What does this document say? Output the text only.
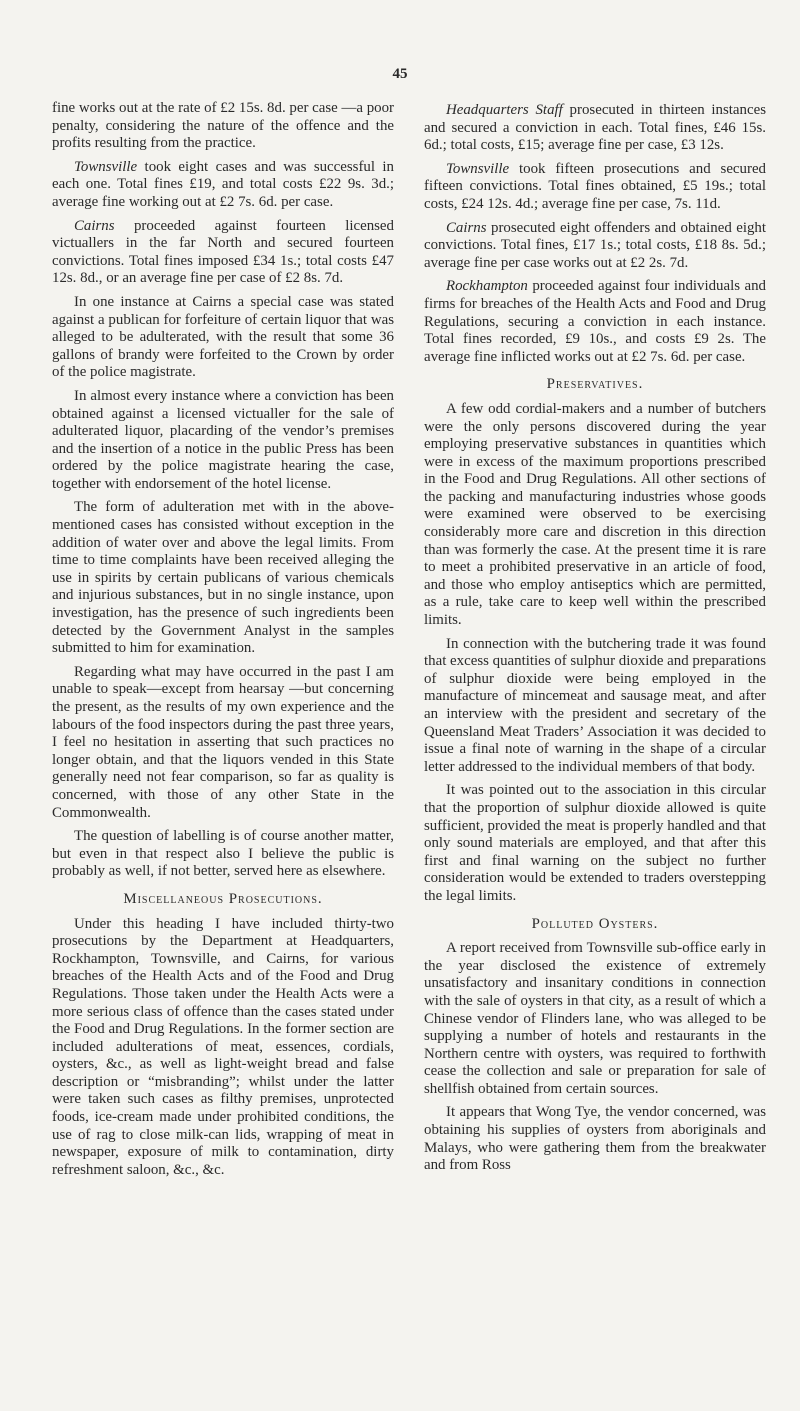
45

fine works out at the rate of £2 15s. 8d. per case —a poor penalty, considering the nature of the offence and the profits resulting from the practice.

Townsville took eight cases and was successful in each one. Total fines £19, and total costs £22 9s. 3d.; average fine working out at £2 7s. 6d. per case.

Cairns proceeded against fourteen licensed victuallers in the far North and secured fourteen convictions. Total fines imposed £34 1s.; total costs £47 12s. 8d., or an average fine per case of £2 8s. 7d.

In one instance at Cairns a special case was stated against a publican for forfeiture of certain liquor that was alleged to be adulterated, with the result that some 36 gallons of brandy were forfeited to the Crown by order of the police magistrate.

In almost every instance where a conviction has been obtained against a licensed victualler for the sale of adulterated liquor, placarding of the vendor’s premises and the insertion of a notice in the public Press has been ordered by the police magistrate hearing the case, together with endorsement of the hotel license.

The form of adulteration met with in the above-mentioned cases has consisted without exception in the addition of water over and above the legal limits. From time to time complaints have been received alleging the use in spirits by certain publicans of various chemicals and injurious substances, but in no single instance, upon investigation, has the presence of such ingredients been detected by the Government Analyst in the samples submitted to him for examination.

Regarding what may have occurred in the past I am unable to speak—except from hearsay —but concerning the present, as the results of my own experience and the labours of the food inspectors during the past three years, I feel no hesitation in asserting that such practices no longer obtain, and that the liquors vended in this State generally need not fear comparison, so far as quality is concerned, with those of any other State in the Commonwealth.

The question of labelling is of course another matter, but even in that respect also I believe the public is probably as well, if not better, served here as elsewhere.

Miscellaneous Prosecutions.

Under this heading I have included thirty-two prosecutions by the Department at Headquarters, Rockhampton, Townsville, and Cairns, for various breaches of the Health Acts and of the Food and Drug Regulations. Those taken under the Health Acts were a more serious class of offence than the cases stated under the Food and Drug Regulations. In the former section are included adulterations of meat, essences, cordials, oysters, &c., as well as light-weight bread and false description or “misbranding”; whilst under the latter were taken such cases as filthy premises, unprotected foods, ice-cream made under prohibited conditions, the use of rag to close milk-can lids, wrapping of meat in newspaper, exposure of milk to contamination, dirty refreshment saloon, &c., &c.

Headquarters Staff prosecuted in thirteen instances and secured a conviction in each. Total fines, £46 15s. 6d.; total costs, £15; average fine per case, £3 12s.

Townsville took fifteen prosecutions and secured fifteen convictions. Total fines obtained, £5 19s.; total costs, £24 12s. 4d.; average fine per case, 7s. 11d.

Cairns prosecuted eight offenders and obtained eight convictions. Total fines, £17 1s.; total costs, £18 8s. 5d.; average fine per case works out at £2 2s. 7d.

Rockhampton proceeded against four individuals and firms for breaches of the Health Acts and Food and Drug Regulations, securing a conviction in each instance. Total fines recorded, £9 10s., and costs £9 2s. The average fine inflicted works out at £2 7s. 6d. per case.

Preservatives.

A few odd cordial-makers and a number of butchers were the only persons discovered during the year employing preservative substances in quantities which were in excess of the maximum proportions prescribed in the Food and Drug Regulations. All other sections of the packing and manufacturing industries whose goods were examined were observed to be exercising considerably more care and discretion in this direction than was formerly the case. At the present time it is rare to meet a prohibited preservative in an article of food, and those who employ antiseptics which are permitted, as a rule, take care to keep well within the prescribed limits.

In connection with the butchering trade it was found that excess quantities of sulphur dioxide and preparations of sulphur dioxide were being employed in the manufacture of mincemeat and sausage meat, and after an interview with the president and secretary of the Queensland Meat Traders’ Association it was decided to issue a final note of warning in the shape of a circular letter addressed to the individual members of that body.

It was pointed out to the association in this circular that the proportion of sulphur dioxide allowed is quite sufficient, provided the meat is properly handled and that only sound materials are employed, and that after this first and final warning on the subject no further consideration would be extended to traders overstepping the legal limits.

Polluted Oysters.

A report received from Townsville sub-office early in the year disclosed the existence of extremely unsatisfactory and insanitary conditions in connection with the sale of oysters in that city, as a result of which a Chinese vendor of Flinders lane, who was alleged to be supplying a number of hotels and restaurants in the Northern centre with oysters, was required to forthwith cease the collection and sale or preparation for sale of shellfish obtained from certain sources.

It appears that Wong Tye, the vendor concerned, was obtaining his supplies of oysters from aboriginals and Malays, who were gathering them from the breakwater and from Ross
